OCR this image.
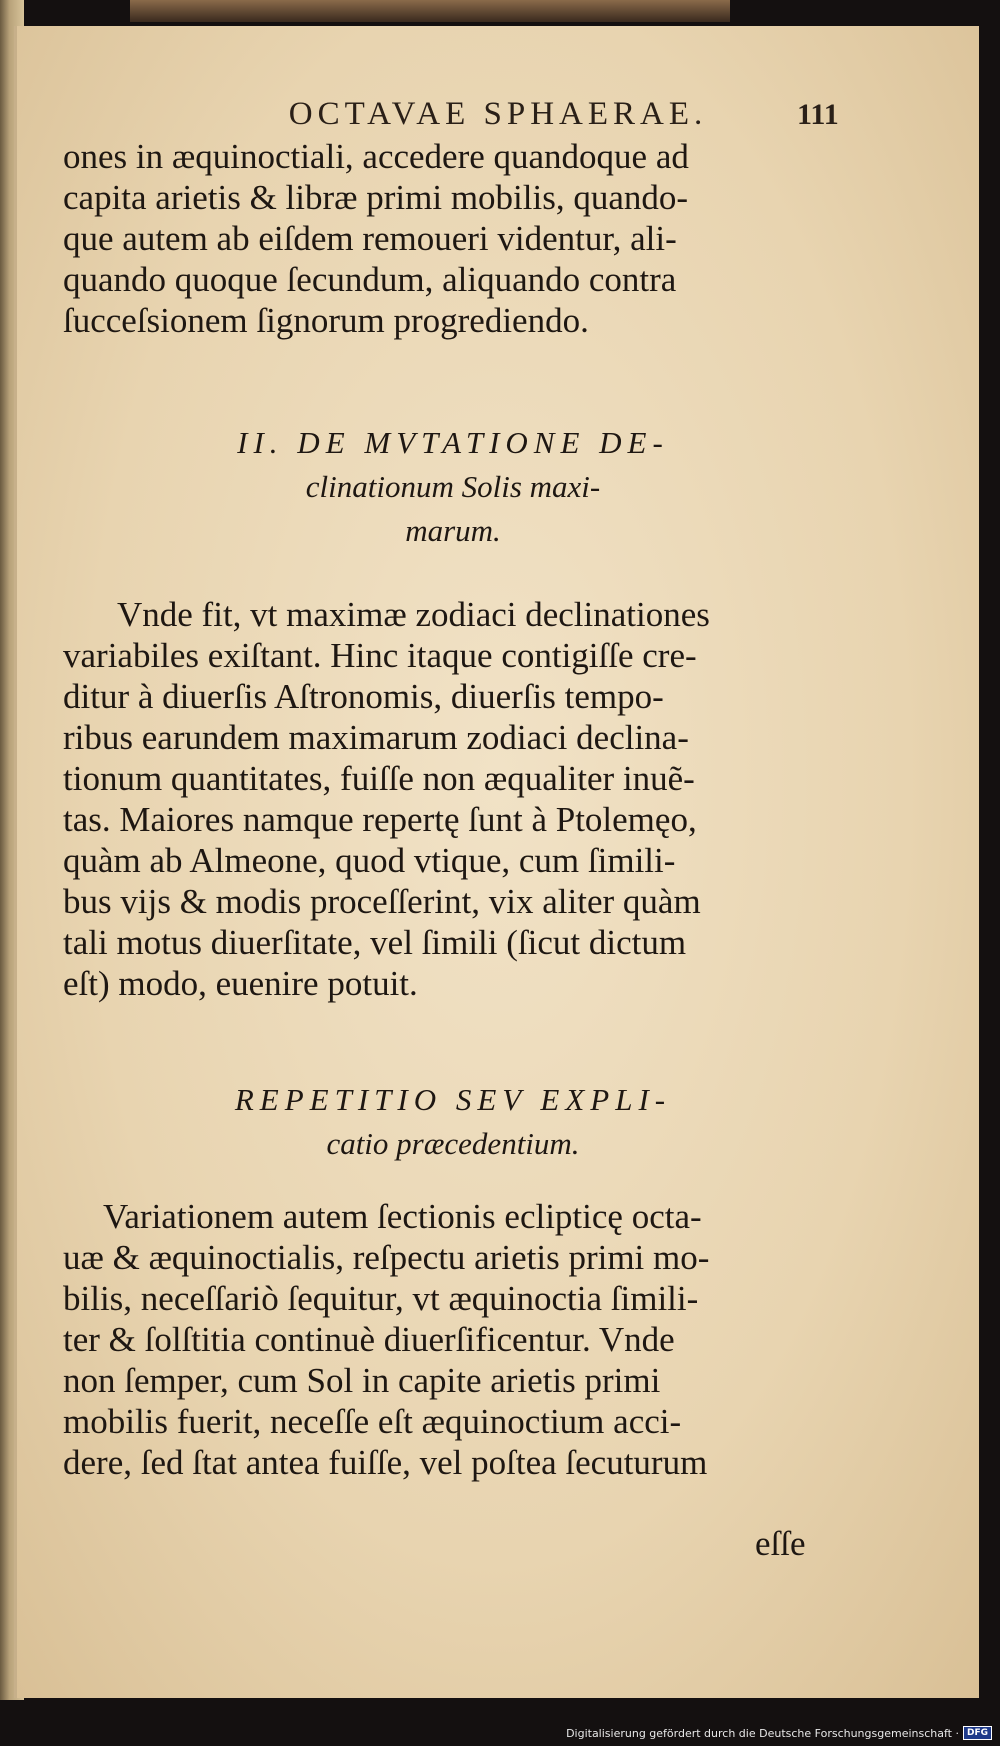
OCTAVAE SPHAERAE.	111
ones in æquinoctiali, accedere quandoque ad
capita arietis & libræ primi mobilis, quando-
que autem ab eiſdem remoueri videntur, ali-
quando quoque ſecundum, aliquando contra
ſucceſsionem ſignorum progrediendo.
II. DE MVTATIONE DE-
clinationum Solis maxi-
marum.
Vnde fit, vt maximæ zodiaci declinationes
variabiles exiſtant. Hinc itaque contigiſſe cre-
ditur à diuerſis Aſtronomis, diuerſis tempo-
ribus earundem maximarum zodiaci declina-
tionum quantitates, fuiſſe non æqualiter inuẽ-
tas. Maiores namque repertę ſunt à Ptolemęo,
quàm ab Almeone, quod vtique, cum ſimili-
bus vijs & modis proceſſerint, vix aliter quàm
tali motus diuerſitate, vel ſimili (ſicut dictum
eſt) modo, euenire potuit.
REPETITIO SEV EXPLI-
catio præcedentium.
Variationem autem ſectionis eclipticę octa-
uæ & æquinoctialis, reſpectu arietis primi mo-
bilis, neceſſariò ſequitur, vt æquinoctia ſimili-
ter & ſolſtitia continuè diuerſificentur. Vnde
non ſemper, cum Sol in capite arietis primi
mobilis fuerit, neceſſe eſt æquinoctium acci-
dere, ſed ſtat antea fuiſſe, vel poſtea ſecuturum
eſſe
Digitalisierung gefördert durch die Deutsche Forschungsgemeinschaft · DFG
